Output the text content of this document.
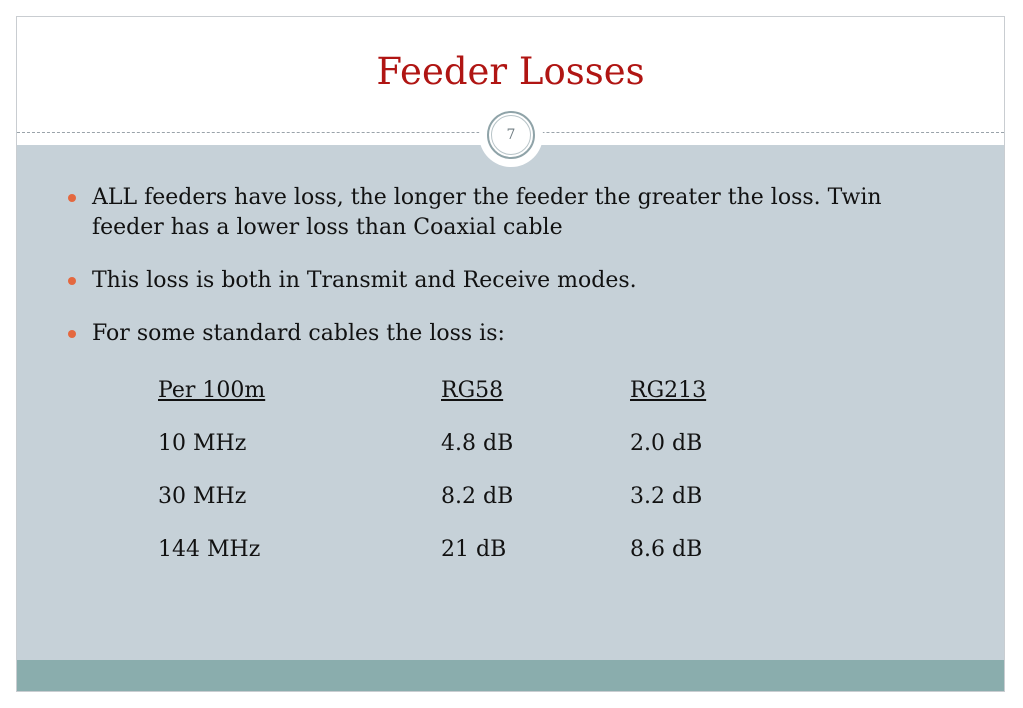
Feeder Losses
7
ALL feeders have loss, the longer the feeder the greater the loss. Twin feeder has a lower loss than Coaxial cable
This loss is both in Transmit and Receive modes.
For some standard cables the loss is:
Per 100m	RG58	RG213
10 MHz	4.8 dB	2.0 dB
30 MHz	8.2 dB	3.2 dB
144 MHz	21 dB	8.6 dB
